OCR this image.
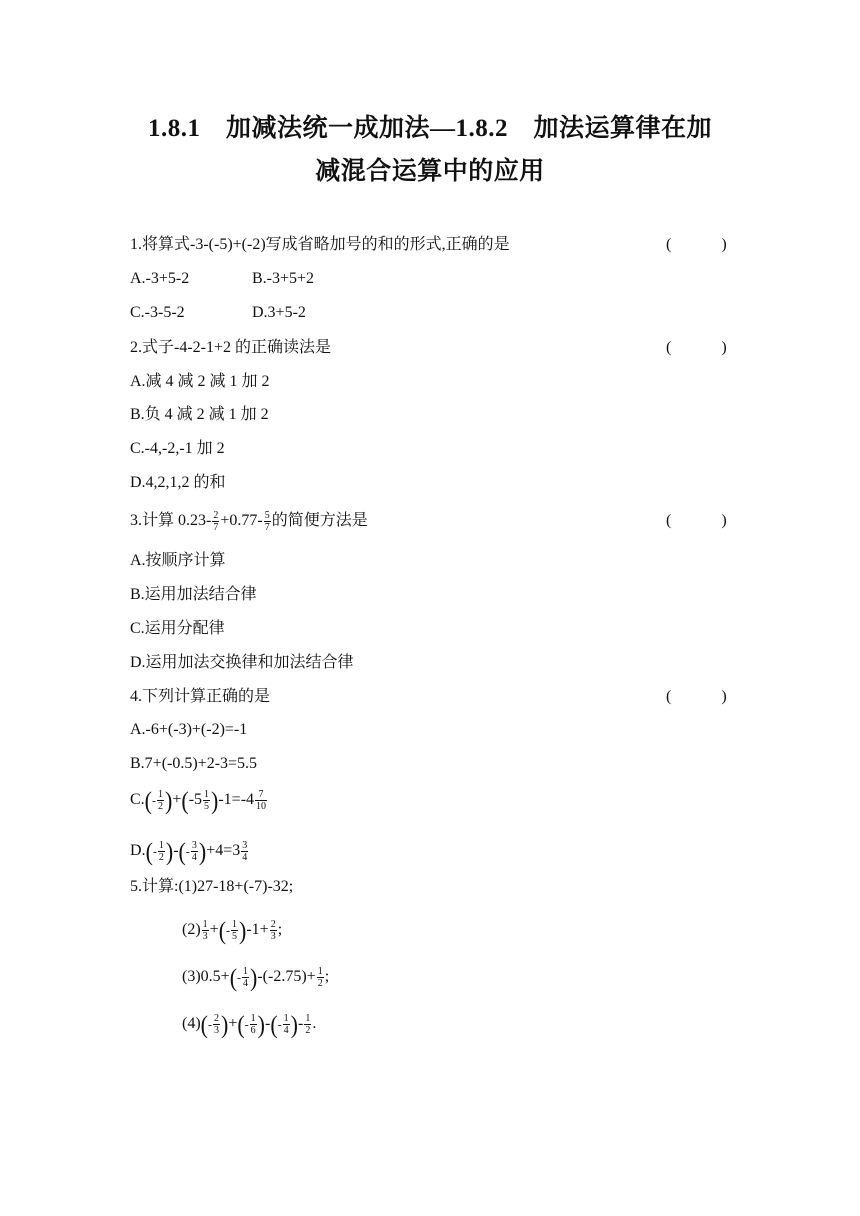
1.8.1　加减法统一成加法—1.8.2　加法运算律在加
减混合运算中的应用
1.将算式-3-(-5)+(-2)写成省略加号的和的形式,正确的是	(	)
A.-3+5-2	B.-3+5+2
C.-3-5-2	D.3+5-2
2.式子-4-2-1+2 的正确读法是	(	)
A.减 4 减 2 减 1 加 2
B.负 4 减 2 减 1 加 2
C.-4,-2,-1 加 2
D.4,2,1,2 的和
3.计算 $0.23- \frac{2}{7} +0.77- \frac{5}{7}$ 的简便方法是	(	)
A.按顺序计算
B.运用加法结合律
C.运用分配律
D.运用加法交换律和加法结合律
4.下列计算正确的是	(	)
A.-6+(-3)+(-2)=-1
B.7+(-0.5)+2-3=5.5
$C.(- \frac{1}{2} )+(-5 \frac{1}{5} )-1=-4 \frac{7}{10}$
$D.(- \frac{1}{2}$ )-(- $\frac{3}{4} )+4=3 \frac{3}{4}$
5.计算:(1)27-18+(-7)-32;
$(2) \frac{1}{3}$ +(- $\frac{1}{5} )-1+ \frac{2}{3}$ ;
$(3)0.5+(- \frac{1}{4} )-(-2.75)+ \frac{1}{2}$ ;
$(4)(- \frac{2}{3}$ )+(- $\frac{1}{6}$ )-(- $\frac{1}{4}$ )- $\frac{1}{2}$ .
